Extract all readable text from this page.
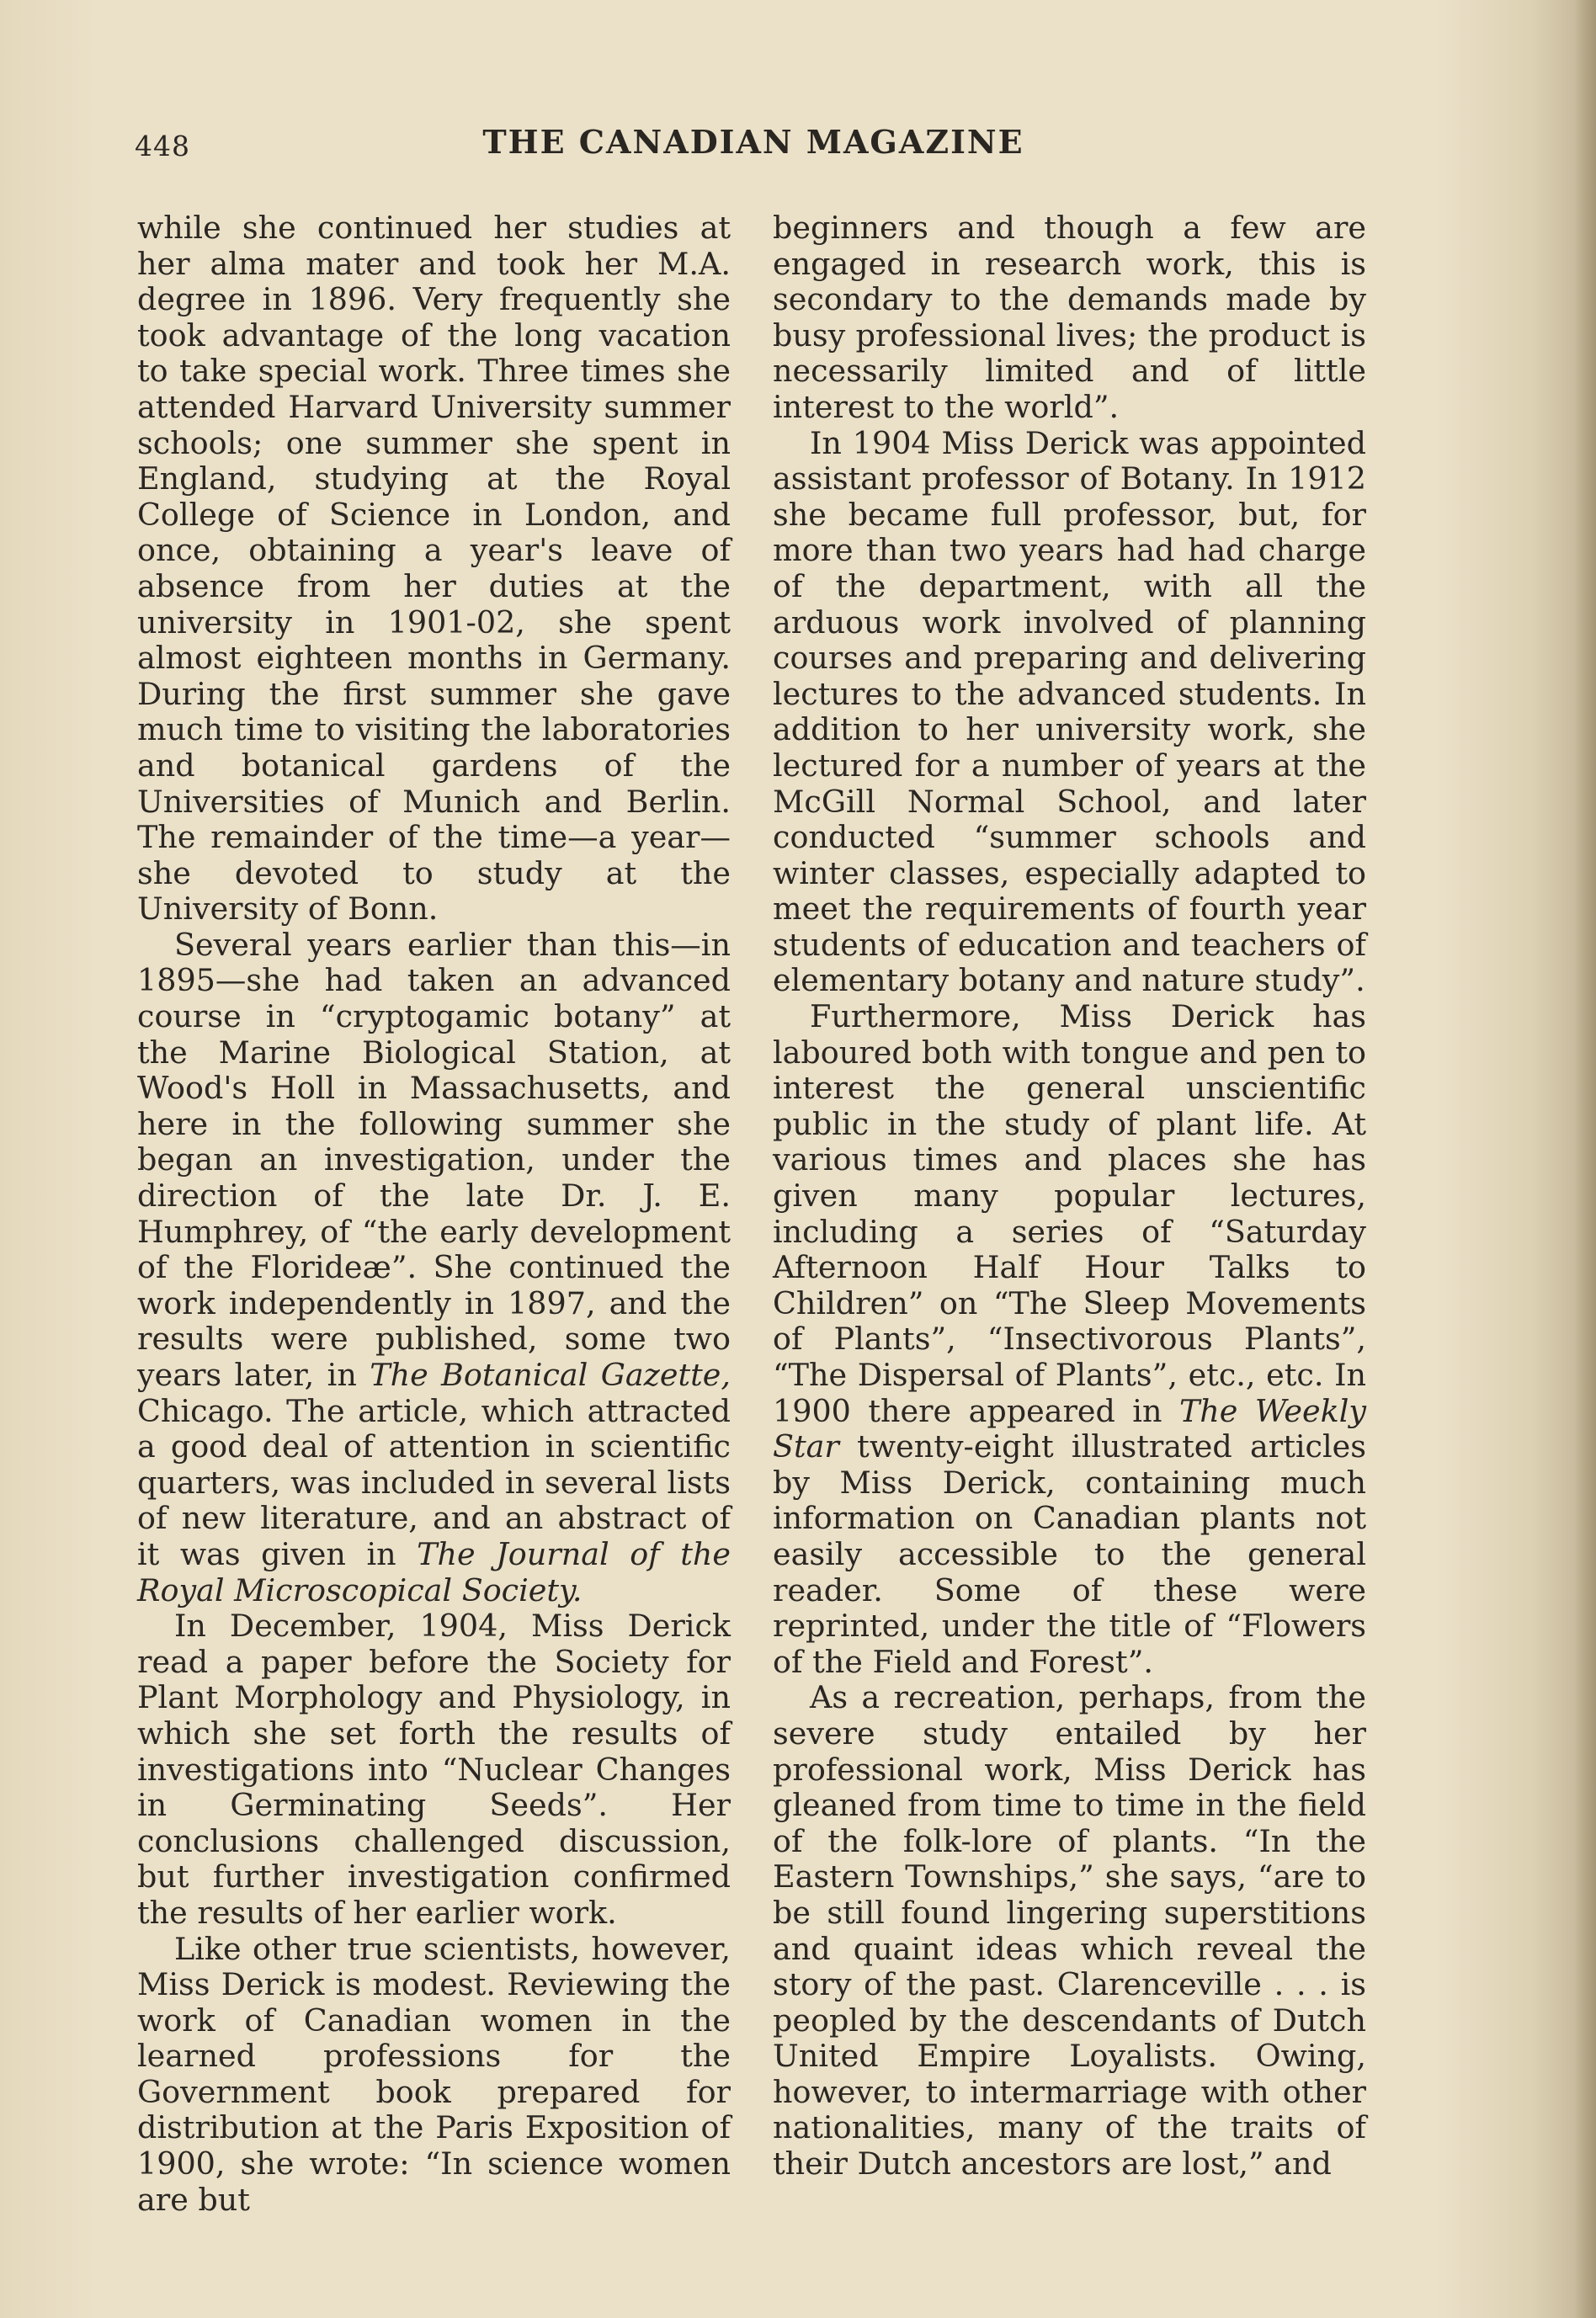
448	THE CANADIAN MAGAZINE

while she continued her studies at her alma mater and took her M.A. degree in 1896. Very frequently she took advantage of the long vacation to take special work. Three times she attended Harvard University summer schools; one summer she spent in England, studying at the Royal College of Science in London, and once, obtaining a year's leave of absence from her duties at the university in 1901-02, she spent almost eighteen months in Germany. During the first summer she gave much time to visiting the laboratories and botanical gardens of the Universities of Munich and Berlin. The remainder of the time—a year—she devoted to study at the University of Bonn.

Several years earlier than this—in 1895—she had taken an advanced course in “cryptogamic botany” at the Marine Biological Station, at Wood's Holl in Massachusetts, and here in the following summer she began an investigation, under the direction of the late Dr. J. E. Humphrey, of “the early development of the Florideæ”. She continued the work independently in 1897, and the results were published, some two years later, in The Botanical Gazette, Chicago. The article, which attracted a good deal of attention in scientific quarters, was included in several lists of new literature, and an abstract of it was given in The Journal of the Royal Microscopical Society.

In December, 1904, Miss Derick read a paper before the Society for Plant Morphology and Physiology, in which she set forth the results of investigations into “Nuclear Changes in Germinating Seeds”. Her conclusions challenged discussion, but further investigation confirmed the results of her earlier work.

Like other true scientists, however, Miss Derick is modest. Reviewing the work of Canadian women in the learned professions for the Government book prepared for distribution at the Paris Exposition of 1900, she wrote: “In science women are but

beginners and though a few are engaged in research work, this is secondary to the demands made by busy professional lives; the product is necessarily limited and of little interest to the world”.

In 1904 Miss Derick was appointed assistant professor of Botany. In 1912 she became full professor, but, for more than two years had had charge of the department, with all the arduous work involved of planning courses and preparing and delivering lectures to the advanced students. In addition to her university work, she lectured for a number of years at the McGill Normal School, and later conducted “summer schools and winter classes, especially adapted to meet the requirements of fourth year students of education and teachers of elementary botany and nature study”.

Furthermore, Miss Derick has laboured both with tongue and pen to interest the general unscientific public in the study of plant life. At various times and places she has given many popular lectures, including a series of “Saturday Afternoon Half Hour Talks to Children” on “The Sleep Movements of Plants”, “Insectivorous Plants”, “The Dispersal of Plants”, etc., etc. In 1900 there appeared in The Weekly Star twenty-eight illustrated articles by Miss Derick, containing much information on Canadian plants not easily accessible to the general reader. Some of these were reprinted, under the title of “Flowers of the Field and Forest”.

As a recreation, perhaps, from the severe study entailed by her professional work, Miss Derick has gleaned from time to time in the field of the folk-lore of plants. “In the Eastern Townships,” she says, “are to be still found lingering superstitions and quaint ideas which reveal the story of the past. Clarenceville . . . is peopled by the descendants of Dutch United Empire Loyalists. Owing, however, to intermarriage with other nationalities, many of the traits of their Dutch ancestors are lost,” and
